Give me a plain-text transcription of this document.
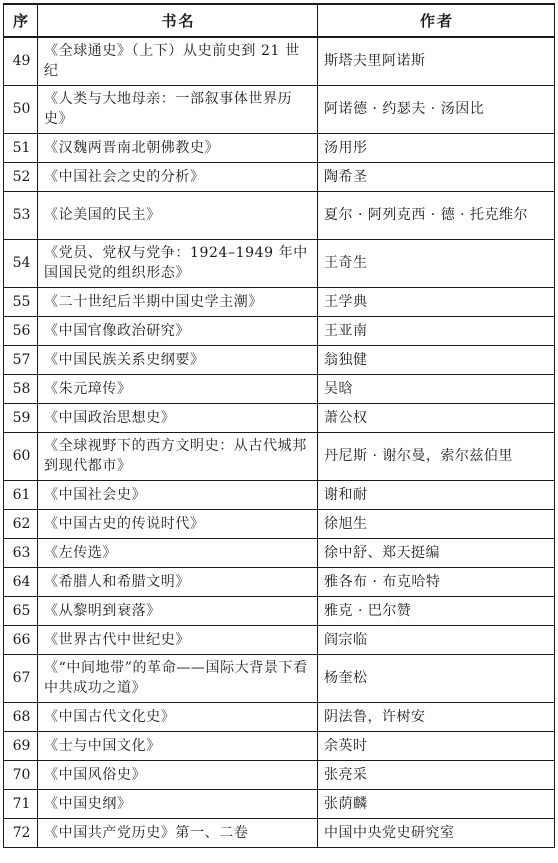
序	书名	作者
49	《全球通史》（上下）从史前史到 21 世纪	斯塔夫里阿诺斯
50	《人类与大地母亲：一部叙事体世界历史》	阿诺德 · 约瑟夫 · 汤因比
51	《汉魏两晋南北朝佛教史》	汤用彤
52	《中国社会之史的分析》	陶希圣
53	《论美国的民主》	夏尔 · 阿列克西 · 德 · 托克维尔
54	《党员、党权与党争：1924–1949 年中国国民党的组织形态》	王奇生
55	《二十世纪后半期中国史学主潮》	王学典
56	《中国官像政治研究》	王亚南
57	《中国民族关系史纲要》	翁独健
58	《朱元璋传》	吴晗
59	《中国政治思想史》	萧公权
60	《全球视野下的西方文明史：从古代城邦到现代都市》	丹尼斯 · 谢尔曼，索尔兹伯里
61	《中国社会史》	谢和耐
62	《中国古史的传说时代》	徐旭生
63	《左传选》	徐中舒、郑天挺编
64	《希腊人和希腊文明》	雅各布 · 布克哈特
65	《从黎明到衰落》	雅克 · 巴尔赞
66	《世界古代中世纪史》	阎宗临
67	《“中间地带”的革命——国际大背景下看中共成功之道》	杨奎松
68	《中国古代文化史》	阴法鲁，许树安
69	《士与中国文化》	余英时
70	《中国风俗史》	张亮采
71	《中国史纲》	张荫麟
72	《中国共产党历史》第一、二卷	中国中央党史研究室
